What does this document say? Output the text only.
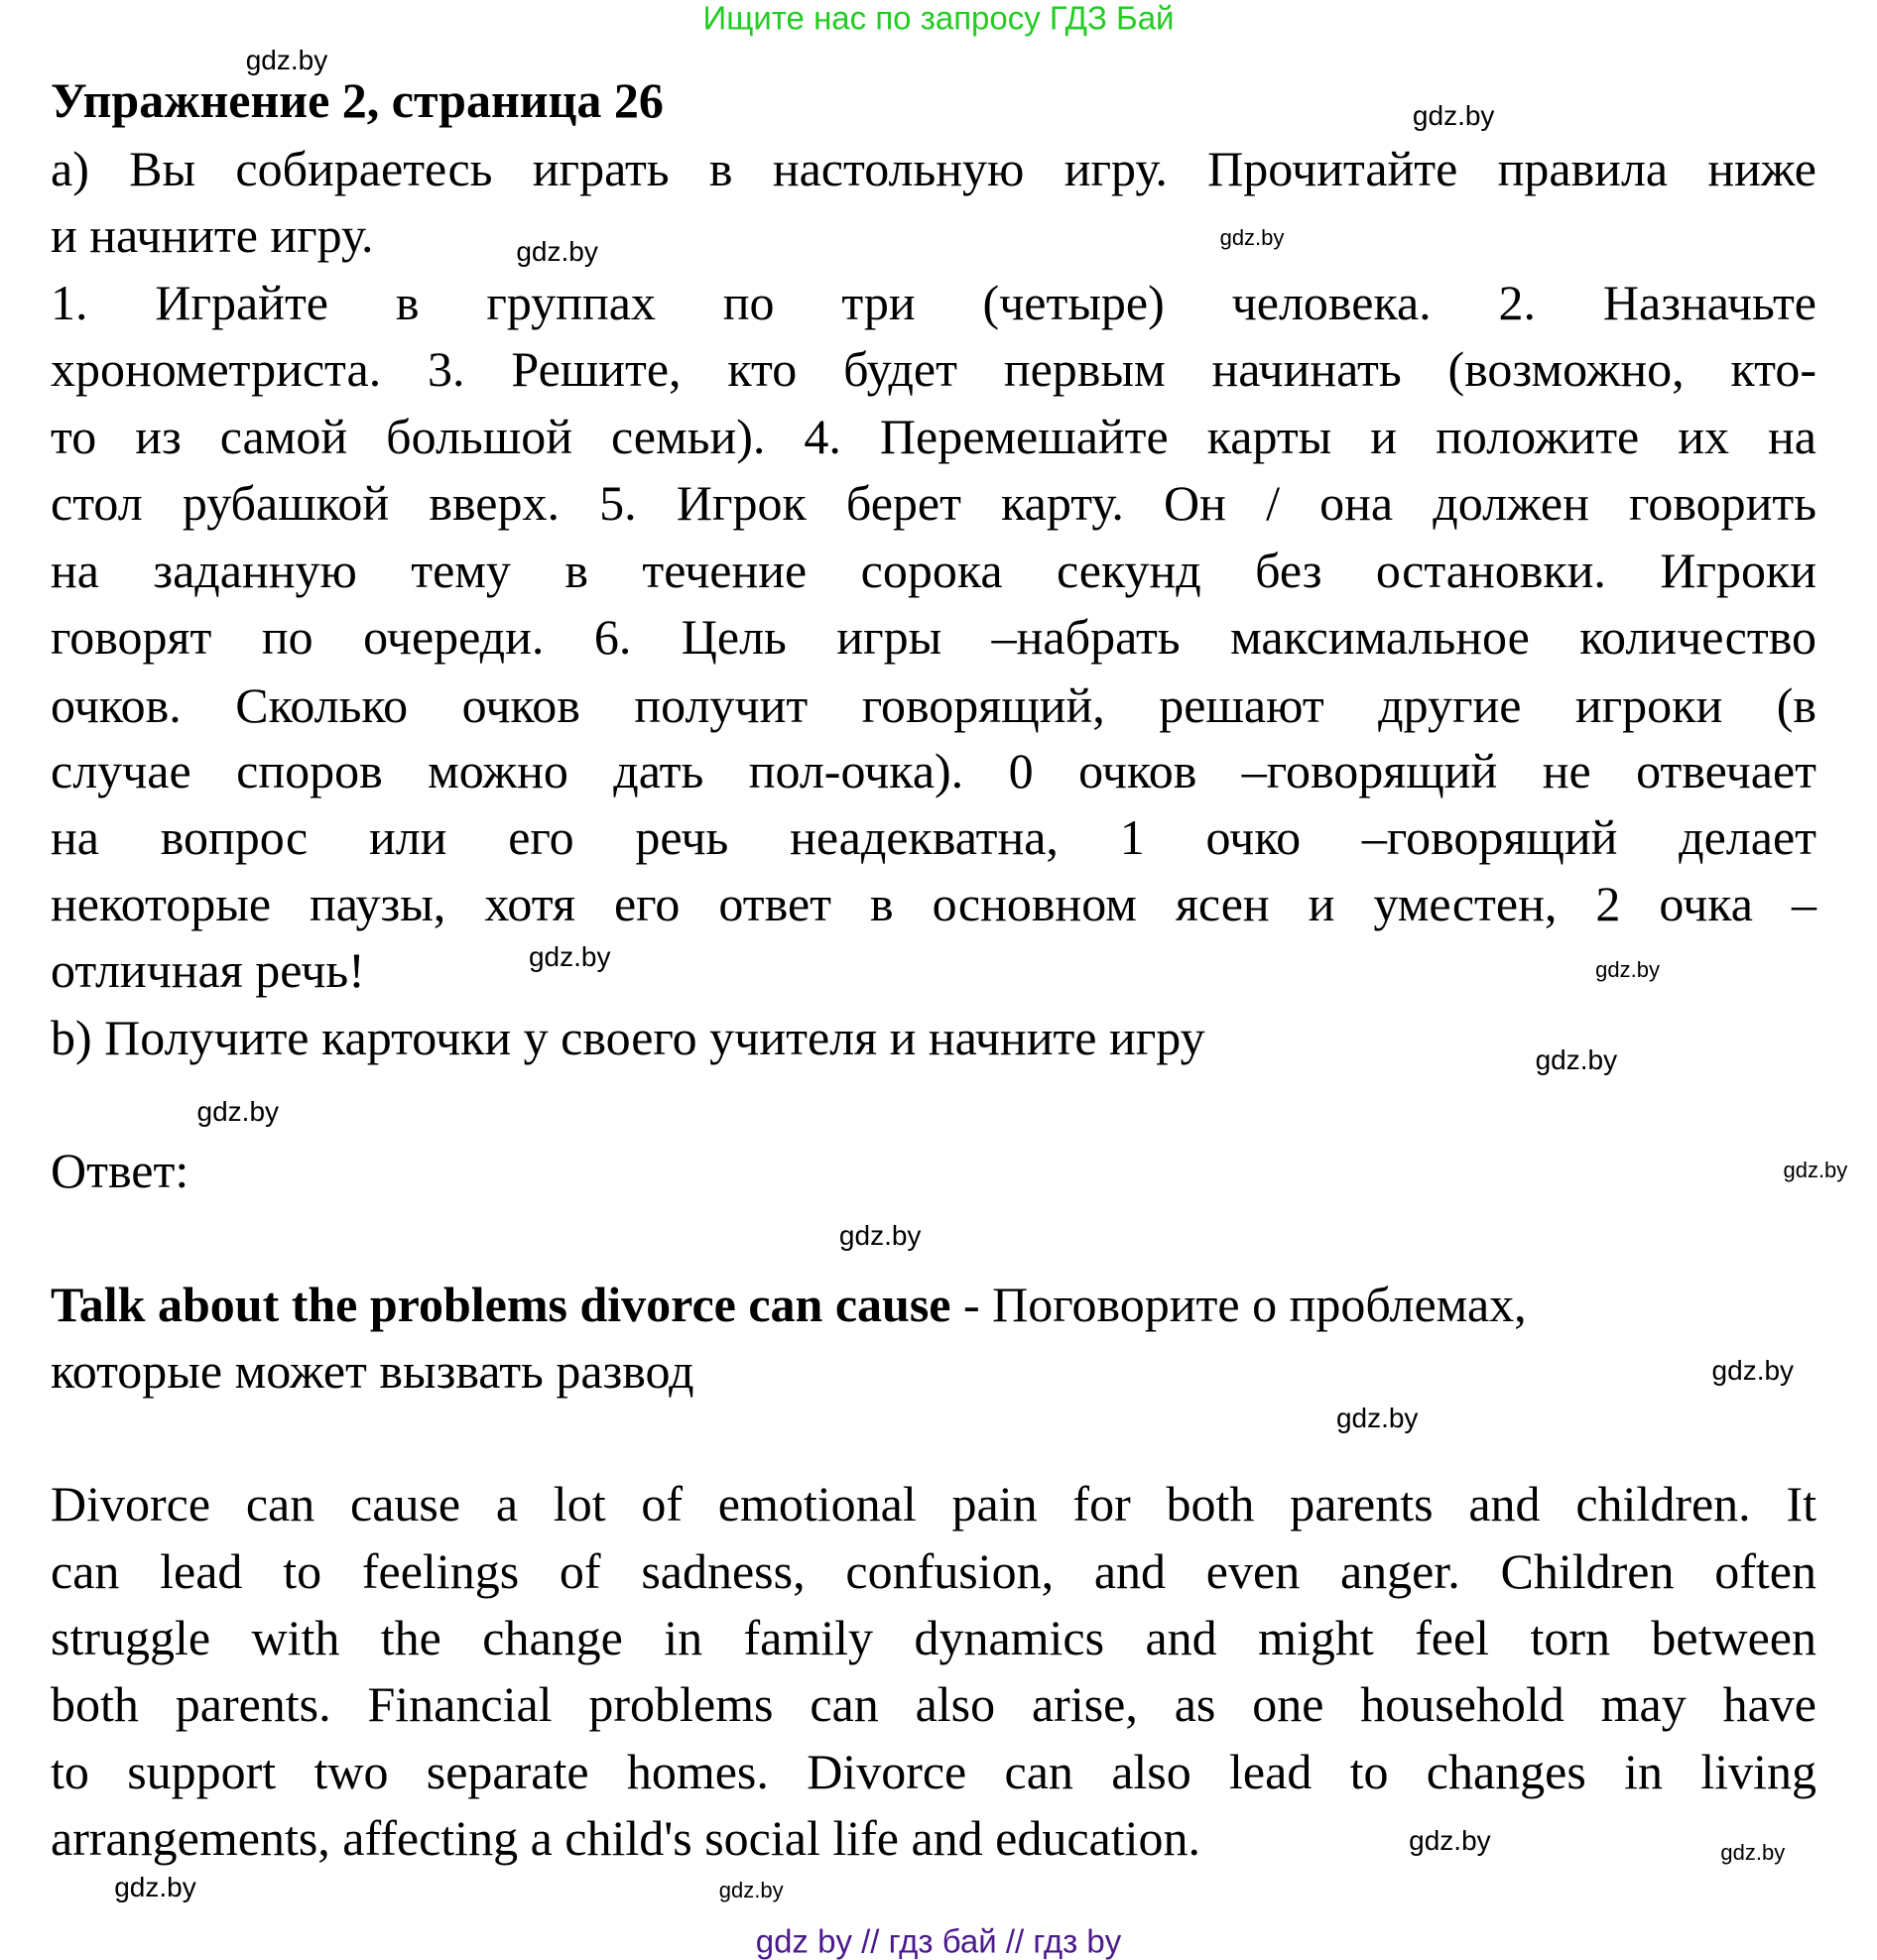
Ищите нас по запросу ГДЗ Бай
Упражнение 2, страница 26
а) Вы собираетесь играть в настольную игру. Прочитайте правила ниже
и начните игру.
1. Играйте в группах по три (четыре) человека. 2. Назначьте
хронометриста. 3. Решите, кто будет первым начинать (возможно, кто-
то из самой большой семьи). 4. Перемешайте карты и положите их на
стол рубашкой вверх. 5. Игрок берет карту. Он / она должен говорить
на заданную тему в течение сорока секунд без остановки. Игроки
говорят по очереди. 6. Цель игры –набрать максимальное количество
очков. Сколько очков получит говорящий, решают другие игроки (в
случае споров можно дать пол-очка). 0 очков –говорящий не отвечает
на вопрос или его речь неадекватна, 1 очко –говорящий делает
некоторые паузы, хотя его ответ в основном ясен и уместен, 2 очка –
отличная речь!
b) Получите карточки у своего учителя и начните игру
Ответ:
Talk about the problems divorce can cause - Поговорите о проблемах,
которые может вызвать развод
Divorce can cause a lot of emotional pain for both parents and children. It
can lead to feelings of sadness, confusion, and even anger. Children often
struggle with the change in family dynamics and might feel torn between
both parents. Financial problems can also arise, as one household may have
to support two separate homes. Divorce can also lead to changes in living
arrangements, affecting a child's social life and education.
gdz.by
gdz.by
gdz.by	gdz.by
gdz.by
gdz.by
gdz.by
gdz.by
gdz.by
gdz.by
gdz.by
gdz.by
gdz.by
gdz.by
gdz.by
gdz.by
gdz by // гдз бай // гдз by
